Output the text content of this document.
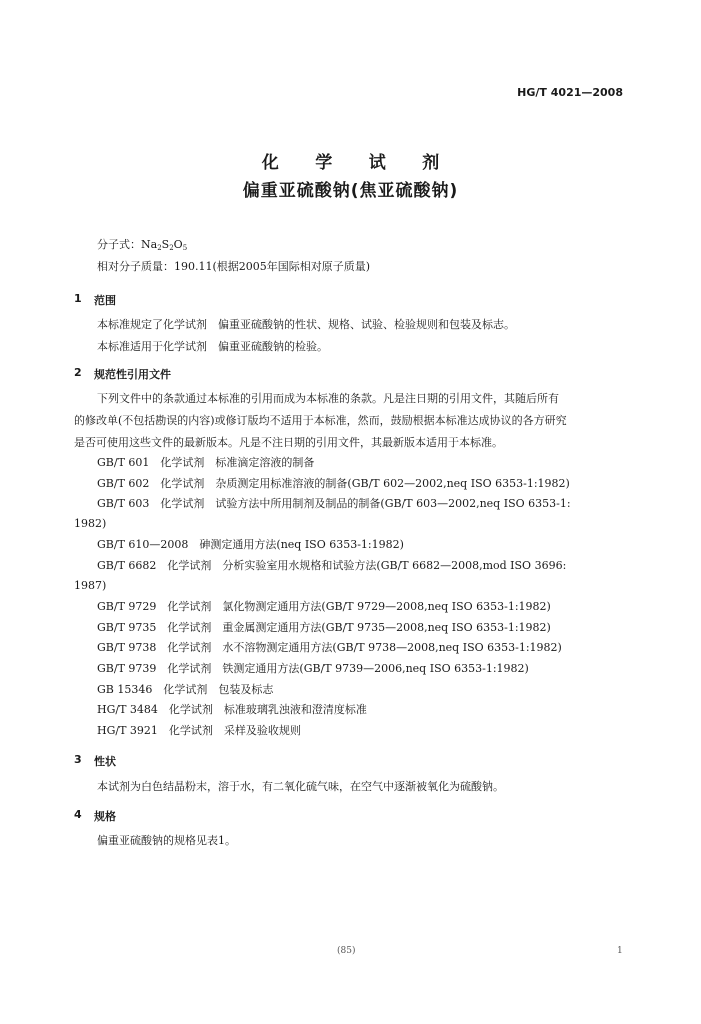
HG/T 4021—2008
化 学 试 剂
偏重亚硫酸钠(焦亚硫酸钠)
分子式：$Na_2S_2O_5$
相对分子质量：190.11(根据2005年国际相对原子质量)
1 范围
本标准规定了化学试剂　偏重亚硫酸钠的性状、规格、试验、检验规则和包装及标志。
本标准适用于化学试剂　偏重亚硫酸钠的检验。
2 规范性引用文件
下列文件中的条款通过本标准的引用而成为本标准的条款。凡是注日期的引用文件，其随后所有
的修改单(不包括勘误的内容)或修订版均不适用于本标准，然而，鼓励根据本标准达成协议的各方研究
是否可使用这些文件的最新版本。凡是不注日期的引用文件，其最新版本适用于本标准。
GB/T 601　化学试剂　标准滴定溶液的制备
GB/T 602　化学试剂　杂质测定用标准溶液的制备(GB/T 602—2002,neq ISO 6353-1:1982)
GB/T 603　化学试剂　试验方法中所用制剂及制品的制备(GB/T 603—2002,neq ISO 6353-1:
1982)
GB/T 610—2008　砷测定通用方法(neq ISO 6353-1:1982)
GB/T 6682　化学试剂　分析实验室用水规格和试验方法(GB/T 6682—2008,mod ISO 3696:
1987)
GB/T 9729　化学试剂　氯化物测定通用方法(GB/T 9729—2008,neq ISO 6353-1:1982)
GB/T 9735　化学试剂　重金属测定通用方法(GB/T 9735—2008,neq ISO 6353-1:1982)
GB/T 9738　化学试剂　水不溶物测定通用方法(GB/T 9738—2008,neq ISO 6353-1:1982)
GB/T 9739　化学试剂　铁测定通用方法(GB/T 9739—2006,neq ISO 6353-1:1982)
GB 15346　化学试剂　包装及标志
HG/T 3484　化学试剂　标准玻璃乳浊液和澄清度标准
HG/T 3921　化学试剂　采样及验收规则
3 性状
本试剂为白色结晶粉末，溶于水，有二氧化硫气味，在空气中逐渐被氧化为硫酸钠。
4 规格
偏重亚硫酸钠的规格见表1。
(85)	1
